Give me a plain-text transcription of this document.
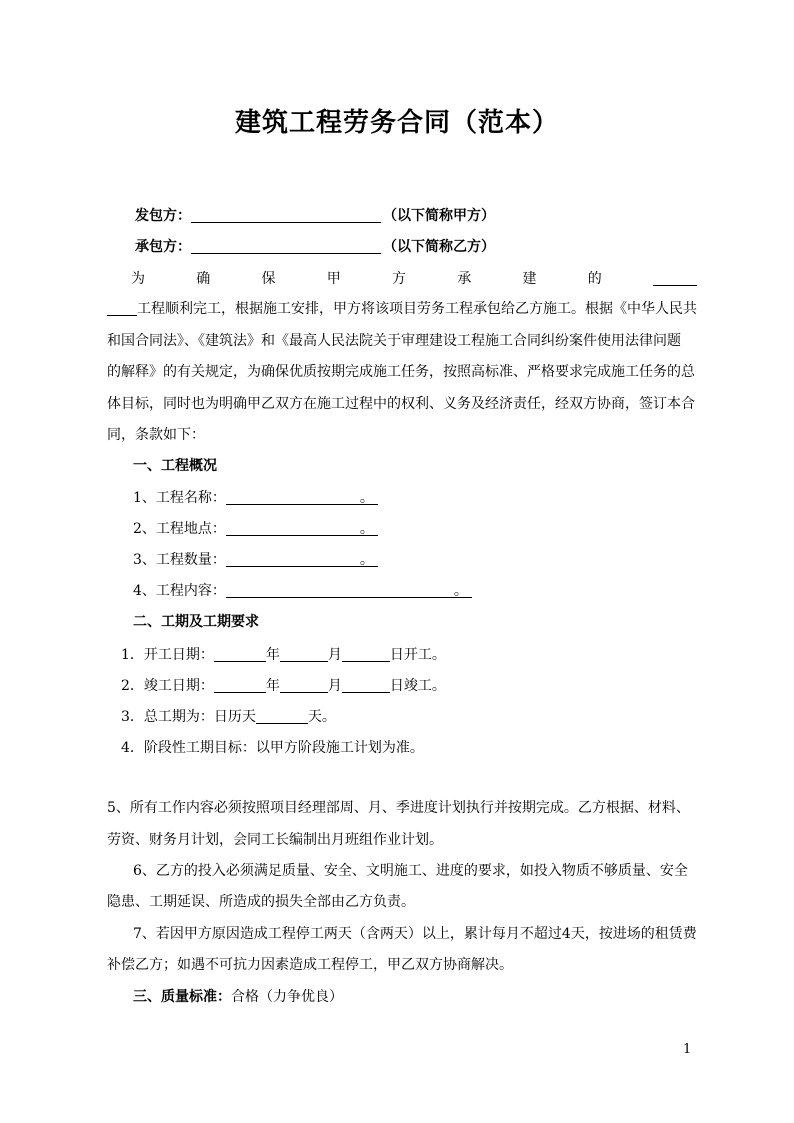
建筑工程劳务合同（范本）
发包方：	（以下简称甲方）
承包方：	（以下简称乙方）
为	确	保	甲	方	承	建	的
工程顺利完工，根据施工安排，甲方将该项目劳务工程承包给乙方施工。根据《中华人民共
和国合同法》、《建筑法》和《最高人民法院关于审理建设工程施工合同纠纷案件使用法律问题
的解释》的有关规定，为确保优质按期完成施工任务，按照高标准、严格要求完成施工任务的总
体目标，同时也为明确甲乙双方在施工过程中的权利、义务及经济责任，经双方协商，签订本合
同，条款如下：
一、工程概况
1、工程名称：	。
2、工程地点：	。
3、工程数量：	。
4、工程内容：	。
二、工期及工期要求
1．开工日期：	年	月	日开工。
2．竣工日期：	年	月	日竣工。
3．总工期为：日历天	天。
4．阶段性工期目标：以甲方阶段施工计划为准。
5、所有工作内容必须按照项目经理部周、月、季进度计划执行并按期完成。乙方根据、材料、
劳资、财务月计划，会同工长编制出月班组作业计划。
6、乙方的投入必须满足质量、安全、文明施工、进度的要求，如投入物质不够质量、安全
隐患、工期延误、所造成的损失全部由乙方负责。
7、若因甲方原因造成工程停工两天（含两天）以上，累计每月不超过4天，按进场的租赁费
补偿乙方；如遇不可抗力因素造成工程停工，甲乙双方协商解决。
三、质量标准：合格（力争优良）
1
